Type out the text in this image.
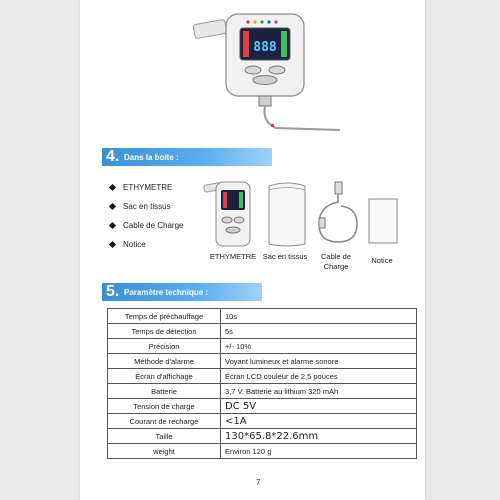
888
4. Dans la boite :
ETHYMETRE
Sac en tissus
Cable de Charge
Notice
ETHYMETRE Sac en tissus	Cable de Charge
Notice
5. Paramètre technique :
Temps de préchauffage	10s
Temps de détection	5s
Précision	+/- 10%
Méthode d'alarme	Voyant lumineux et alarme sonore
Écran d'affichage	Écran LCD couleur de 2,5 pouces
Batterie	3,7 V. Batterie au lithium 320 mAh
Tension de charge	DC 5V
Courant de recharge	<1A
Taille	130*65.8*22.6mm
weight	Environ 120 g
7
